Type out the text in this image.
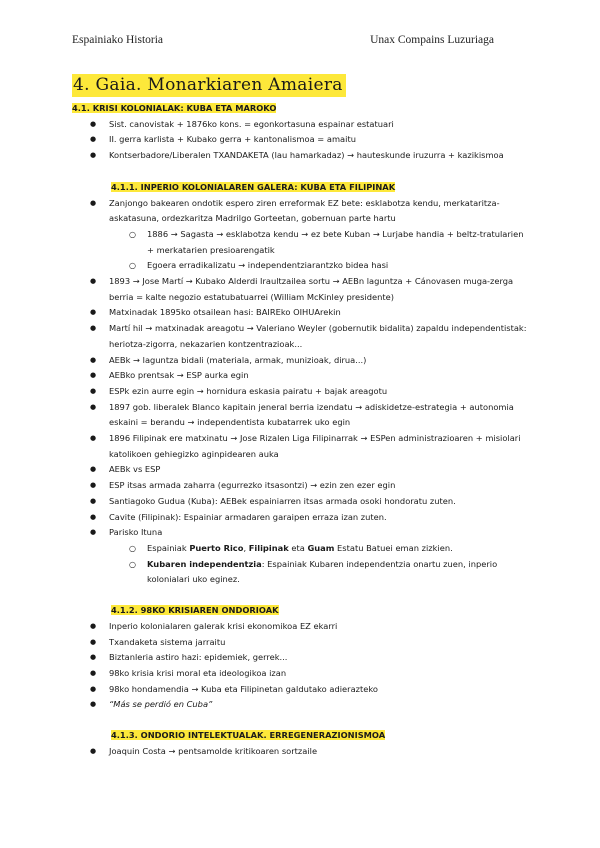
Espainiako Historia	Unax Compains Luzuriaga
4. Gaia. Monarkiaren Amaiera
4.1. KRISI KOLONIALAK: KUBA ETA MAROKO
● Sist. canovistak + 1876ko kons. = egonkortasuna espainar estatuari
● II. gerra karlista + Kubako gerra + kantonalismoa = amaitu
● Kontserbadore/Liberalen TXANDAKETA (lau hamarkadaz) → hauteskunde iruzurra + kazikismoa
4.1.1. INPERIO KOLONIALAREN GALERA: KUBA ETA FILIPINAK
● Zanjongo bakearen ondotik espero ziren erreformak EZ bete: esklabotza kendu, merkataritza-askatasuna, ordezkaritza Madrilgo Gorteetan, gobernuan parte hartu
○ 1886 → Sagasta → esklabotza kendu → ez bete Kuban → Lurjabe handia + beltz-tratularien + merkatarien presioarengatik
○ Egoera erradikalizatu → independentziarantzko bidea hasi
● 1893 → Jose Martí → Kubako Alderdi Iraultzailea sortu → AEBn laguntza + Cánovasen muga-zerga berria = kalte negozio estatubatuarrei (William McKinley presidente)
● Matxinadak 1895ko otsailean hasi: BAIREko OIHUArekin
● Martí hil → matxinadak areagotu → Valeriano Weyler (gobernutik bidalita) zapaldu independentistak: heriotza-zigorra, nekazarien kontzentrazioak...
● AEBk → laguntza bidali (materiala, armak, munizioak, dirua...)
● AEBko prentsak → ESP aurka egin
● ESPk ezin aurre egin → hornidura eskasia pairatu + bajak areagotu
● 1897 gob. liberalek Blanco kapitain jeneral berria izendatu → adiskidetze-estrategia + autonomia eskaini = berandu → independentista kubatarrek uko egin
● 1896 Filipinak ere matxinatu → Jose Rizalen Liga Filipinarrak → ESPen administrazioaren + misiolari katolikoen gehiegizko aginpidearen auka
● AEBk vs ESP
● ESP itsas armada zaharra (egurrezko itsasontzi) → ezin zen ezer egin
● Santiagoko Gudua (Kuba): AEBek espainiarren itsas armada osoki hondoratu zuten.
● Cavite (Filipinak): Espainiar armadaren garaipen erraza izan zuten.
● Parisko Ituna
○ Espainiak Puerto Rico, Filipinak eta Guam Estatu Batuei eman zizkien.
○ Kubaren independentzia: Espainiak Kubaren independentzia onartu zuen, inperio kolonialari uko eginez.
4.1.2. 98KO KRISIAREN ONDORIOAK
● Inperio kolonialaren galerak krisi ekonomikoa EZ ekarri
● Txandaketa sistema jarraitu
● Biztanleria astiro hazi: epidemiek, gerrek...
● 98ko krisia krisi moral eta ideologikoa izan
● 98ko hondamendia → Kuba eta Filipinetan galdutako adierazteko
● “Más se perdió en Cuba”
4.1.3. ONDORIO INTELEKTUALAK. ERREGENERAZIONISMOA
● Joaquin Costa → pentsamolde kritikoaren sortzaile
